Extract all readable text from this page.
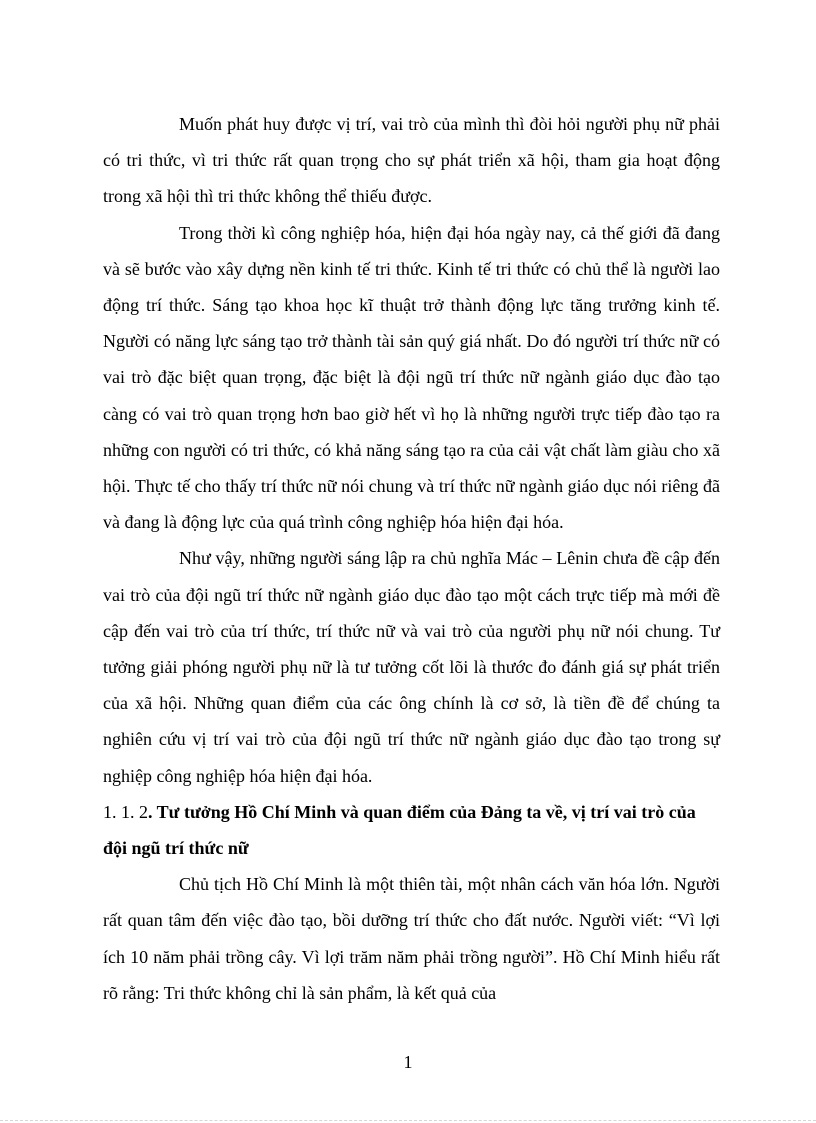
Muốn phát huy được vị trí, vai trò của mình thì đòi hỏi người phụ nữ phải có tri thức, vì tri thức rất quan trọng cho sự phát triển xã hội, tham gia hoạt động trong xã hội thì tri thức không thể thiếu được.

Trong thời kì công nghiệp hóa, hiện đại hóa ngày nay, cả thế giới đã đang và sẽ bước vào xây dựng nền kinh tế tri thức. Kinh tế tri thức có chủ thể là người lao động trí thức. Sáng tạo khoa học kĩ thuật trở thành động lực tăng trưởng kinh tế. Người có năng lực sáng tạo trở thành tài sản quý giá nhất. Do đó người trí thức nữ có vai trò đặc biệt quan trọng, đặc biệt là đội ngũ trí thức nữ ngành giáo dục đào tạo càng có vai trò quan trọng hơn bao giờ hết vì họ là những người trực tiếp đào tạo ra những con người có tri thức, có khả năng sáng tạo ra của cải vật chất làm giàu cho xã hội. Thực tế cho thấy trí thức nữ nói chung và trí thức nữ ngành giáo dục nói riêng đã và đang là động lực của quá trình công nghiệp hóa hiện đại hóa.

Như vậy, những người sáng lập ra chủ nghĩa Mác – Lênin chưa đề cập đến vai trò của đội ngũ trí thức nữ ngành giáo dục đào tạo một cách trực tiếp mà mới đề cập đến vai trò của trí thức, trí thức nữ và vai trò của người phụ nữ nói chung. Tư tưởng giải phóng người phụ nữ là tư tưởng cốt lõi là thước đo đánh giá sự phát triển của xã hội. Những quan điểm của các ông chính là cơ sở, là tiền đề để chúng ta nghiên cứu vị trí vai trò của đội ngũ trí thức nữ ngành giáo dục đào tạo trong sự nghiệp công nghiệp hóa hiện đại hóa.

1. 1. 2. Tư tưởng Hồ Chí Minh và quan điểm của Đảng ta về, vị trí vai trò của đội ngũ trí thức nữ

Chủ tịch Hồ Chí Minh là một thiên tài, một nhân cách văn hóa lớn. Người rất quan tâm đến việc đào tạo, bồi dưỡng trí thức cho đất nước. Người viết: “Vì lợi ích 10 năm phải trồng cây. Vì lợi trăm năm phải trồng người”. Hồ Chí Minh hiểu rất rõ rằng: Tri thức không chỉ là sản phẩm, là kết quả của

1
